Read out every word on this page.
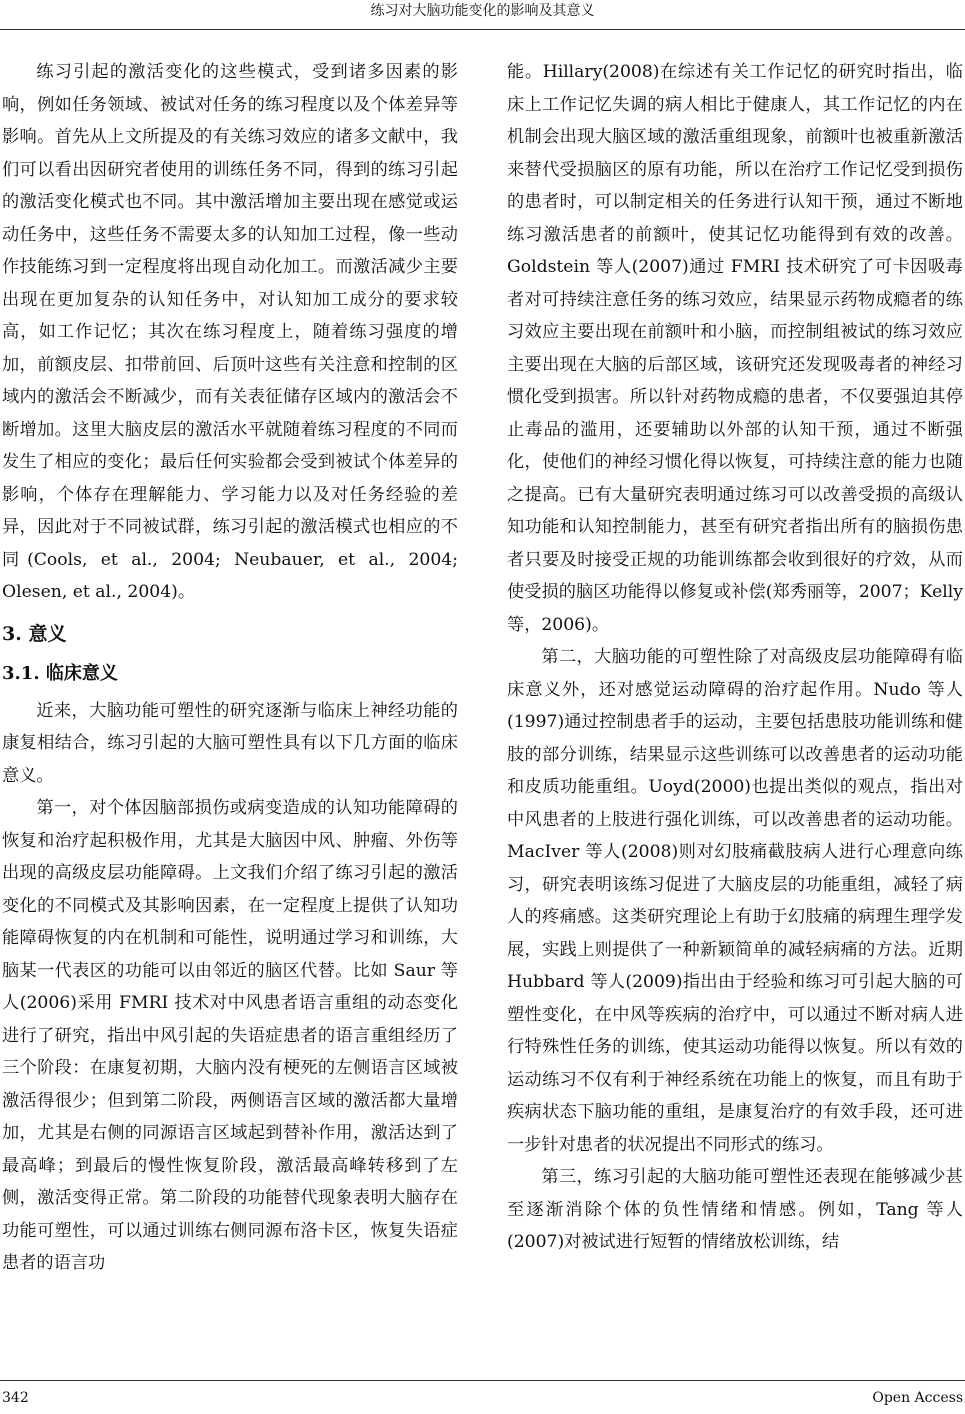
练习对大脑功能变化的影响及其意义

练习引起的激活变化的这些模式，受到诸多因素的影响，例如任务领域、被试对任务的练习程度以及个体差异等影响。首先从上文所提及的有关练习效应的诸多文献中，我们可以看出因研究者使用的训练任务不同，得到的练习引起的激活变化模式也不同。其中激活增加主要出现在感觉或运动任务中，这些任务不需要太多的认知加工过程，像一些动作技能练习到一定程度将出现自动化加工。而激活减少主要出现在更加复杂的认知任务中，对认知加工成分的要求较高，如工作记忆；其次在练习程度上，随着练习强度的增加，前额皮层、扣带前回、后顶叶这些有关注意和控制的区域内的激活会不断减少，而有关表征储存区域内的激活会不断增加。这里大脑皮层的激活水平就随着练习程度的不同而发生了相应的变化；最后任何实验都会受到被试个体差异的影响，个体存在理解能力、学习能力以及对任务经验的差异，因此对于不同被试群，练习引起的激活模式也相应的不同(Cools, et al., 2004; Neubauer, et al., 2004; Olesen, et al., 2004)。

3. 意义
3.1. 临床意义

近来，大脑功能可塑性的研究逐渐与临床上神经功能的康复相结合，练习引起的大脑可塑性具有以下几方面的临床意义。

第一，对个体因脑部损伤或病变造成的认知功能障碍的恢复和治疗起积极作用，尤其是大脑因中风、肿瘤、外伤等出现的高级皮层功能障碍。上文我们介绍了练习引起的激活变化的不同模式及其影响因素，在一定程度上提供了认知功能障碍恢复的内在机制和可能性，说明通过学习和训练，大脑某一代表区的功能可以由邻近的脑区代替。比如 Saur 等人(2006)采用 FMRI 技术对中风患者语言重组的动态变化进行了研究，指出中风引起的失语症患者的语言重组经历了三个阶段：在康复初期，大脑内没有梗死的左侧语言区域被激活得很少；但到第二阶段，两侧语言区域的激活都大量增加，尤其是右侧的同源语言区域起到替补作用，激活达到了最高峰；到最后的慢性恢复阶段，激活最高峰转移到了左侧，激活变得正常。第二阶段的功能替代现象表明大脑存在功能可塑性，可以通过训练右侧同源布洛卡区，恢复失语症患者的语言功

能。Hillary(2008)在综述有关工作记忆的研究时指出，临床上工作记忆失调的病人相比于健康人，其工作记忆的内在机制会出现大脑区域的激活重组现象，前额叶也被重新激活来替代受损脑区的原有功能，所以在治疗工作记忆受到损伤的患者时，可以制定相关的任务进行认知干预，通过不断地练习激活患者的前额叶，使其记忆功能得到有效的改善。Goldstein 等人(2007)通过 FMRI 技术研究了可卡因吸毒者对可持续注意任务的练习效应，结果显示药物成瘾者的练习效应主要出现在前额叶和小脑，而控制组被试的练习效应主要出现在大脑的后部区域，该研究还发现吸毒者的神经习惯化受到损害。所以针对药物成瘾的患者，不仅要强迫其停止毒品的滥用，还要辅助以外部的认知干预，通过不断强化，使他们的神经习惯化得以恢复，可持续注意的能力也随之提高。已有大量研究表明通过练习可以改善受损的高级认知功能和认知控制能力，甚至有研究者指出所有的脑损伤患者只要及时接受正规的功能训练都会收到很好的疗效，从而使受损的脑区功能得以修复或补偿(郑秀丽等，2007；Kelly 等，2006)。

第二，大脑功能的可塑性除了对高级皮层功能障碍有临床意义外，还对感觉运动障碍的治疗起作用。Nudo 等人(1997)通过控制患者手的运动，主要包括患肢功能训练和健肢的部分训练，结果显示这些训练可以改善患者的运动功能和皮质功能重组。Uoyd(2000)也提出类似的观点，指出对中风患者的上肢进行强化训练，可以改善患者的运动功能。MacIver 等人(2008)则对幻肢痛截肢病人进行心理意向练习，研究表明该练习促进了大脑皮层的功能重组，减轻了病人的疼痛感。这类研究理论上有助于幻肢痛的病理生理学发展，实践上则提供了一种新颖简单的减轻病痛的方法。近期 Hubbard 等人(2009)指出由于经验和练习可引起大脑的可塑性变化，在中风等疾病的治疗中，可以通过不断对病人进行特殊性任务的训练，使其运动功能得以恢复。所以有效的运动练习不仅有利于神经系统在功能上的恢复，而且有助于疾病状态下脑功能的重组，是康复治疗的有效手段，还可进一步针对患者的状况提出不同形式的练习。

第三，练习引起的大脑功能可塑性还表现在能够减少甚至逐渐消除个体的负性情绪和情感。例如，Tang 等人(2007)对被试进行短暂的情绪放松训练，结

342	Open Access
